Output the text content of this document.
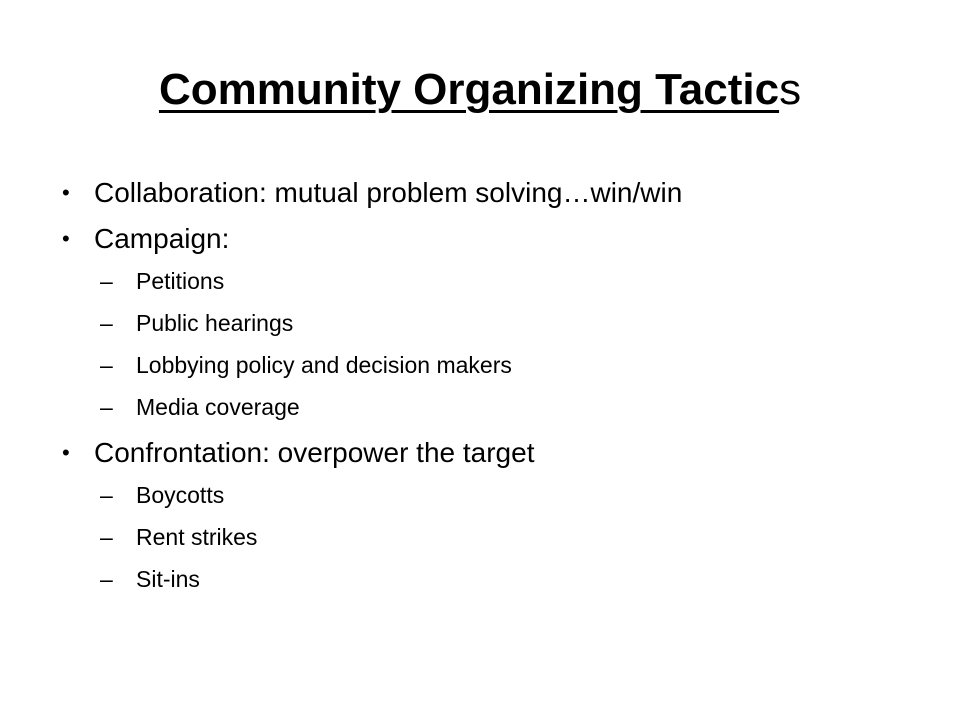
Community Organizing Tactics
• Collaboration: mutual problem solving…win/win
• Campaign:
– Petitions
– Public hearings
– Lobbying policy and decision makers
– Media coverage
• Confrontation: overpower the target
– Boycotts
– Rent strikes
– Sit-ins
